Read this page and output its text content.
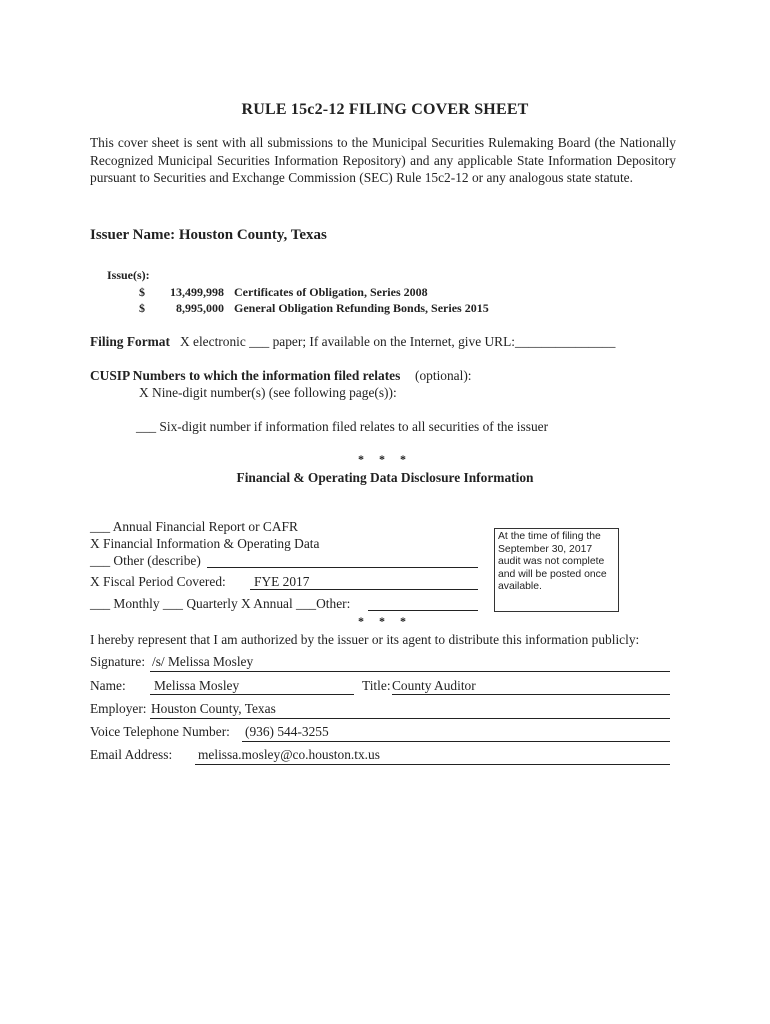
RULE 15c2-12 FILING COVER SHEET
This cover sheet is sent with all submissions to the Municipal Securities Rulemaking Board (the Nationally Recognized Municipal Securities Information Repository) and any applicable State Information Depository pursuant to Securities and Exchange Commission (SEC) Rule 15c2-12 or any analogous state statute.
Issuer Name: Houston County, Texas
Issue(s):
$	13,499,998 Certificates of Obligation, Series 2008
$	8,995,000 General Obligation Refunding Bonds, Series 2015
Filing Format X electronic ___ paper; If available on the Internet, give URL:_______________
CUSIP Numbers to which the information filed relates (optional):
X Nine-digit number(s) (see following page(s)):
___ Six-digit number if information filed relates to all securities of the issuer
* * *
Financial & Operating Data Disclosure Information
___ Annual Financial Report or CAFR
X Financial Information & Operating Data
___ Other (describe)
X Fiscal Period Covered: FYE 2017
___ Monthly ___ Quarterly X Annual ___Other:
At the time of filing the September 30, 2017 audit was not complete and will be posted once available.
* * *
I hereby represent that I am authorized by the issuer or its agent to distribute this information publicly:
Signature: /s/ Melissa Mosley
Name: Melissa Mosley	Title: County Auditor
Employer: Houston County, Texas
Voice Telephone Number: (936) 544-3255
Email Address: melissa.mosley@co.houston.tx.us
